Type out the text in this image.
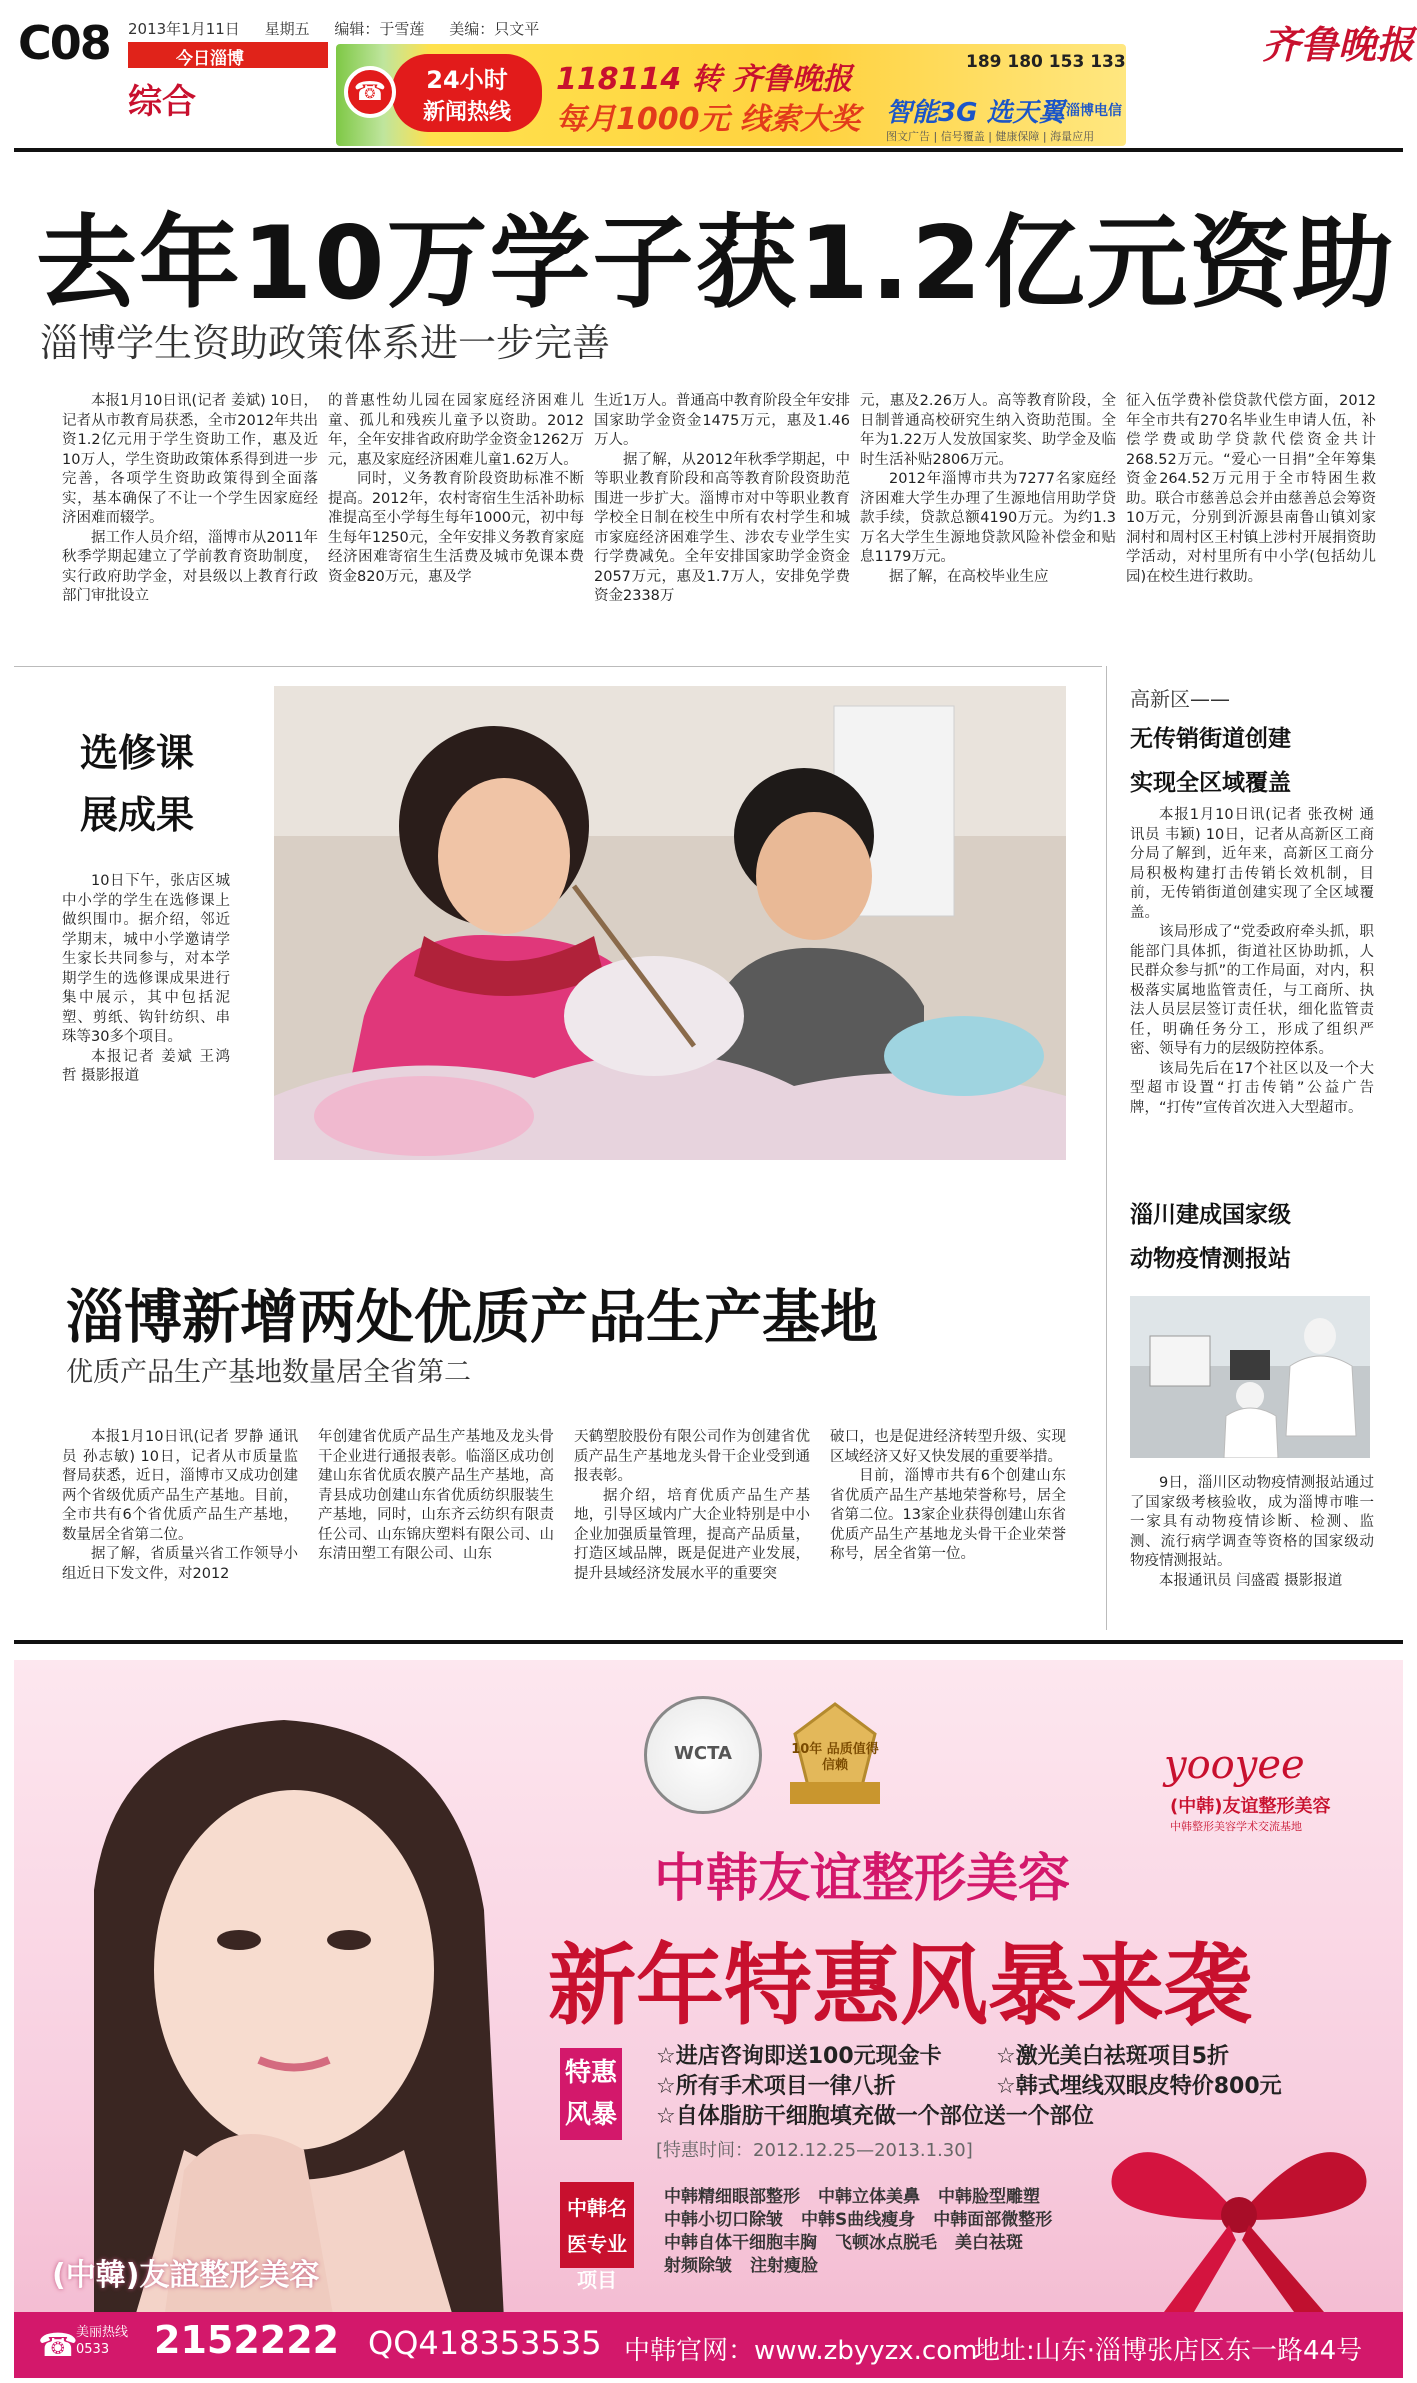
C08 2013年1月11日 星期五 编辑：于雪莲 美编：只文平
今日淄博
综合
齐鲁晚报
24小时
新闻热线
☎	118114 转 齐鲁晚报
每月1000元 线索大奖
189 180 153 133
智能3G 选天翼 淄博电信
图文广告 | 信号覆盖 | 健康保障 | 海量应用
去年10万学子获1.2亿元资助
淄博学生资助政策体系进一步完善

本报1月10日讯(记者 姜斌) 10日，记者从市教育局获悉，全市2012年共出资1.2亿元用于学生资助工作，惠及近10万人，学生资助政策体系得到进一步完善，各项学生资助政策得到全面落实，基本确保了不让一个学生因家庭经济困难而辍学。

据工作人员介绍，淄博市从2011年秋季学期起建立了学前教育资助制度，实行政府助学金，对县级以上教育行政部门审批设立

的普惠性幼儿园在园家庭经济困难儿童、孤儿和残疾儿童予以资助。2012年，全年安排省政府助学金资金1262万元，惠及家庭经济困难儿童1.62万人。

同时，义务教育阶段资助标准不断提高。2012年，农村寄宿生生活补助标准提高至小学每生每年1000元，初中每生每年1250元，全年安排义务教育家庭经济困难寄宿生生活费及城市免课本费资金820万元，惠及学

生近1万人。普通高中教育阶段全年安排国家助学金资金1475万元，惠及1.46万人。

据了解，从2012年秋季学期起，中等职业教育阶段和高等教育阶段资助范围进一步扩大。淄博市对中等职业教育学校全日制在校生中所有农村学生和城市家庭经济困难学生、涉农专业学生实行学费减免。全年安排国家助学金资金2057万元，惠及1.7万人，安排免学费资金2338万

元，惠及2.26万人。高等教育阶段，全日制普通高校研究生纳入资助范围。全年为1.22万人发放国家奖、助学金及临时生活补贴2806万元。

2012年淄博市共为7277名家庭经济困难大学生办理了生源地信用助学贷款手续，贷款总额4190万元。为约1.3万名大学生生源地贷款风险补偿金和贴息1179万元。

据了解，在高校毕业生应

征入伍学费补偿贷款代偿方面，2012年全市共有270名毕业生申请人伍，补偿学费或助学贷款代偿资金共计268.52万元。“爱心一日捐”全年筹集资金264.52万元用于全市特困生救助。联合市慈善总会并由慈善总会筹资10万元，分别到沂源县南鲁山镇刘家洞村和周村区王村镇上涉村开展捐资助学活动，对村里所有中小学(包括幼儿园)在校生进行救助。

选修课
展成果

10日下午，张店区城中小学的学生在选修课上做织围巾。据介绍，邻近学期末，城中小学邀请学生家长共同参与，对本学期学生的选修课成果进行集中展示，其中包括泥塑、剪纸、钩针纺织、串珠等30多个项目。

本报记者 姜斌 王鸿哲 摄影报道

高新区——
无传销街道创建
实现全区域覆盖

本报1月10日讯(记者 张孜树 通讯员 韦颖) 10日，记者从高新区工商分局了解到，近年来，高新区工商分局积极构建打击传销长效机制，目前，无传销街道创建实现了全区域覆盖。

该局形成了“党委政府牵头抓，职能部门具体抓，街道社区协助抓，人民群众参与抓”的工作局面，对内，积极落实属地监管责任，与工商所、执法人员层层签订责任状，细化监管责任，明确任务分工，形成了组织严密、领导有力的层级防控体系。

该局先后在17个社区以及一个大型超市设置“打击传销”公益广告牌，“打传”宣传首次进入大型超市。

淄川建成国家级
动物疫情测报站

9日，淄川区动物疫情测报站通过了国家级考核验收，成为淄博市唯一一家具有动物疫情诊断、检测、监测、流行病学调查等资格的国家级动物疫情测报站。

本报通讯员 闫盛霞 摄影报道

淄博新增两处优质产品生产基地
优质产品生产基地数量居全省第二

本报1月10日讯(记者 罗静 通讯员 孙志敏) 10日，记者从市质量监督局获悉，近日，淄博市又成功创建两个省级优质产品生产基地。目前，全市共有6个省优质产品生产基地，数量居全省第二位。

据了解，省质量兴省工作领导小组近日下发文件，对2012

年创建省优质产品生产基地及龙头骨干企业进行通报表彰。临淄区成功创建山东省优质农膜产品生产基地，高青县成功创建山东省优质纺织服装生产基地，同时，山东齐云纺织有限责任公司、山东锦庆塑料有限公司、山东清田塑工有限公司、山东

天鹤塑胶股份有限公司作为创建省优质产品生产基地龙头骨干企业受到通报表彰。

据介绍，培育优质产品生产基地，引导区域内广大企业特别是中小企业加强质量管理，提高产品质量，打造区域品牌，既是促进产业发展，提升县域经济发展水平的重要突

破口，也是促进经济转型升级、实现区域经济又好又快发展的重要举措。

目前，淄博市共有6个创建山东省优质产品生产基地荣誉称号，居全省第二位。13家企业获得创建山东省优质产品生产基地龙头骨干企业荣誉称号，居全省第一位。

(中韓)友誼整形美容
WCTA	10年 品质值得信赖	yooyee
(中韩)友谊整形美容
中韩整形美容学术交流基地
中韩友谊整形美容
新年特惠风暴来袭
特惠风暴
☆进店咨询即送100元现金卡 ☆激光美白祛斑项目5折
☆所有手术项目一律八折	☆韩式埋线双眼皮特价800元
☆自体脂肪干细胞填充做一个部位送一个部位
[特惠时间：2012.12.25—2013.1.30]
中韩名医专业项目
中韩精细眼部整形 中韩立体美鼻 中韩脸型雕塑
中韩小切口除皱 中韩S曲线瘦身 中韩面部微整形
中韩自体干细胞丰胸 飞顿冰点脱毛 美白祛斑
射频除皱 注射瘦脸
☎
美丽热线 0533	2152222 QQ418353535 中韩官网：www.zbyyzx.com
地址:山东·淄博张店区东一路44号
